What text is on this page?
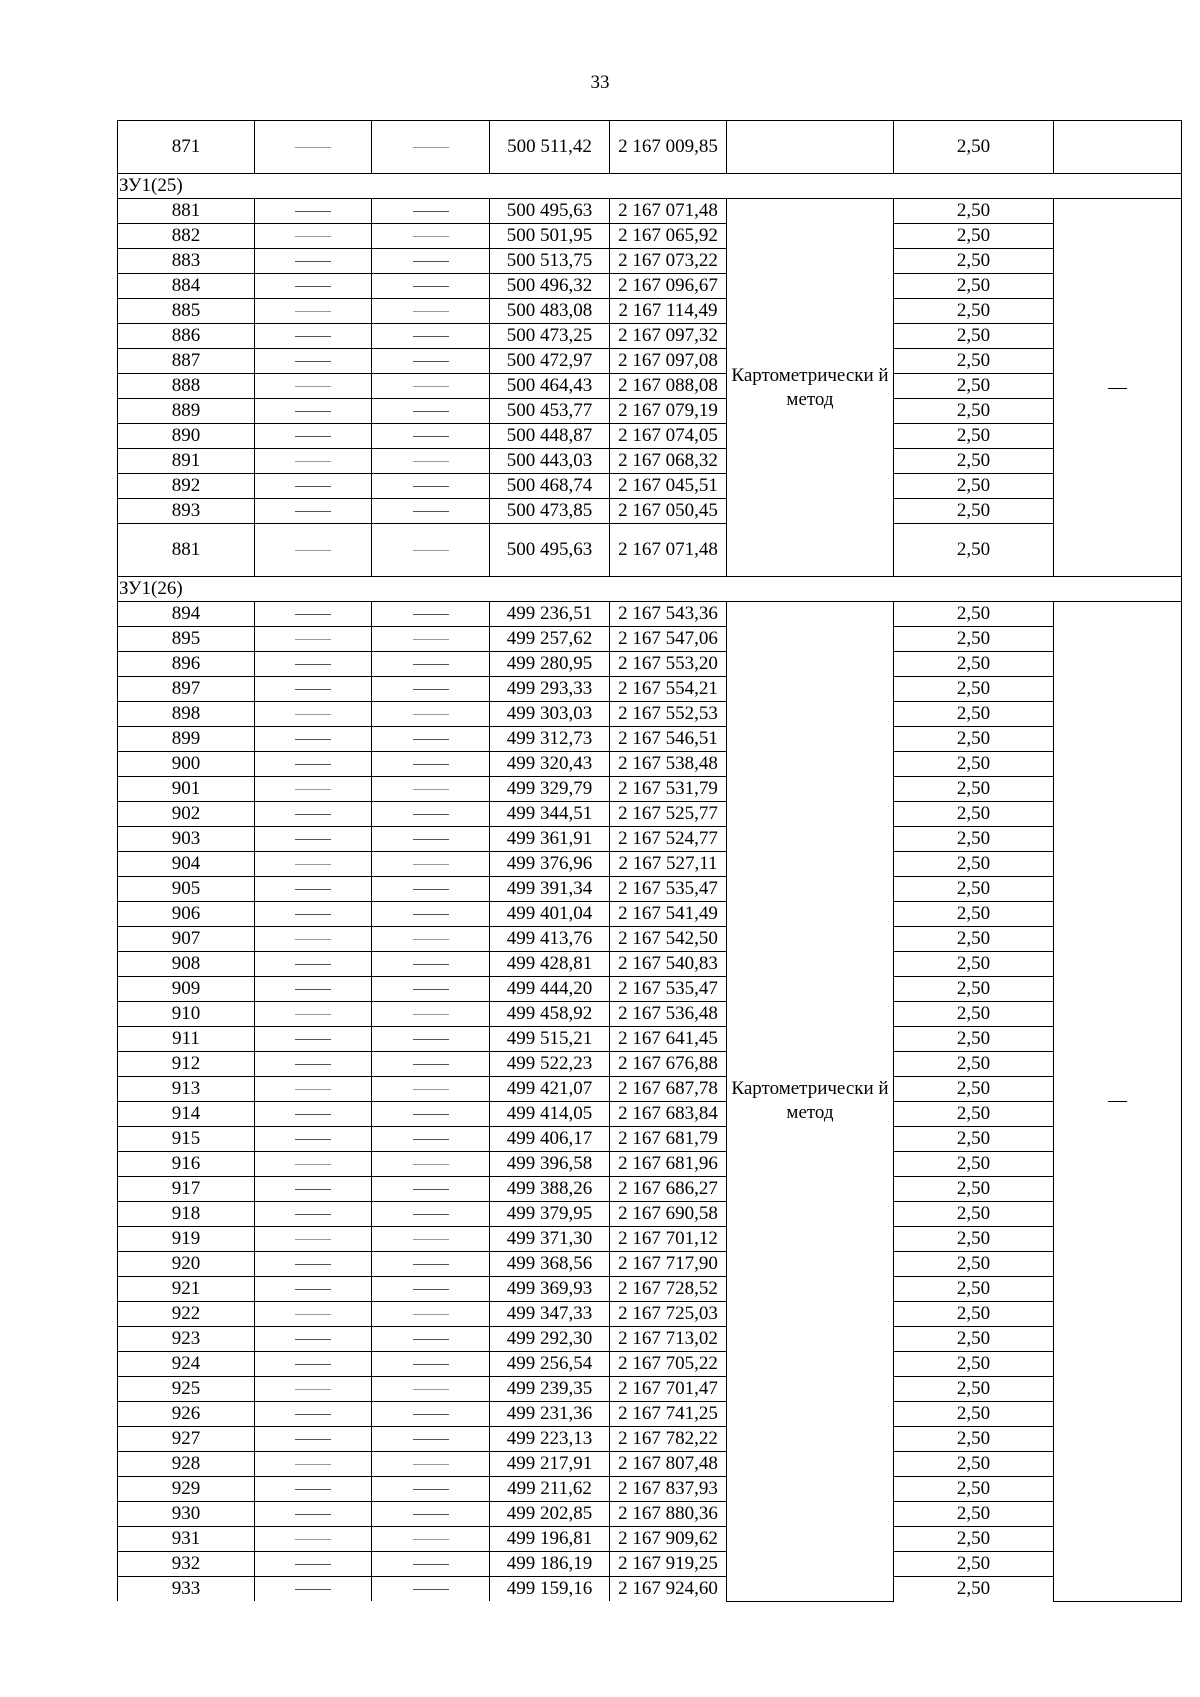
33
871			500 511,42	2 167 009,85		2,50	
ЗУ1(25)							
881			500 495,63	2 167 071,48	Картометрически й метод	2,50	—
882			500 501,95	2 167 065,92		2,50	
883			500 513,75	2 167 073,22		2,50	
884			500 496,32	2 167 096,67		2,50	
885			500 483,08	2 167 114,49		2,50	
886			500 473,25	2 167 097,32		2,50	
887			500 472,97	2 167 097,08		2,50	
888			500 464,43	2 167 088,08		2,50	
889			500 453,77	2 167 079,19		2,50	
890			500 448,87	2 167 074,05		2,50	
891			500 443,03	2 167 068,32		2,50	
892			500 468,74	2 167 045,51		2,50	
893			500 473,85	2 167 050,45		2,50	
881			500 495,63	2 167 071,48		2,50	
ЗУ1(26)							
894			499 236,51	2 167 543,36	Картометрически й метод	2,50	—
895			499 257,62	2 167 547,06		2,50	
896			499 280,95	2 167 553,20		2,50	
897			499 293,33	2 167 554,21		2,50	
898			499 303,03	2 167 552,53		2,50	
899			499 312,73	2 167 546,51		2,50	
900			499 320,43	2 167 538,48		2,50	
901			499 329,79	2 167 531,79		2,50	
902			499 344,51	2 167 525,77		2,50	
903			499 361,91	2 167 524,77		2,50	
904			499 376,96	2 167 527,11		2,50	
905			499 391,34	2 167 535,47		2,50	
906			499 401,04	2 167 541,49		2,50	
907			499 413,76	2 167 542,50		2,50	
908			499 428,81	2 167 540,83		2,50	
909			499 444,20	2 167 535,47		2,50	
910			499 458,92	2 167 536,48		2,50	
911			499 515,21	2 167 641,45		2,50	
912			499 522,23	2 167 676,88		2,50	
913			499 421,07	2 167 687,78		2,50	
914			499 414,05	2 167 683,84		2,50	
915			499 406,17	2 167 681,79		2,50	
916			499 396,58	2 167 681,96		2,50	
917			499 388,26	2 167 686,27		2,50	
918			499 379,95	2 167 690,58		2,50	
919			499 371,30	2 167 701,12		2,50	
920			499 368,56	2 167 717,90		2,50	
921			499 369,93	2 167 728,52		2,50	
922			499 347,33	2 167 725,03		2,50	
923			499 292,30	2 167 713,02		2,50	
924			499 256,54	2 167 705,22		2,50	
925			499 239,35	2 167 701,47		2,50	
926			499 231,36	2 167 741,25		2,50	
927			499 223,13	2 167 782,22		2,50	
928			499 217,91	2 167 807,48		2,50	
929			499 211,62	2 167 837,93		2,50	
930			499 202,85	2 167 880,36		2,50	
931			499 196,81	2 167 909,62		2,50	
932			499 186,19	2 167 919,25		2,50	
933			499 159,16	2 167 924,60		2,50	
